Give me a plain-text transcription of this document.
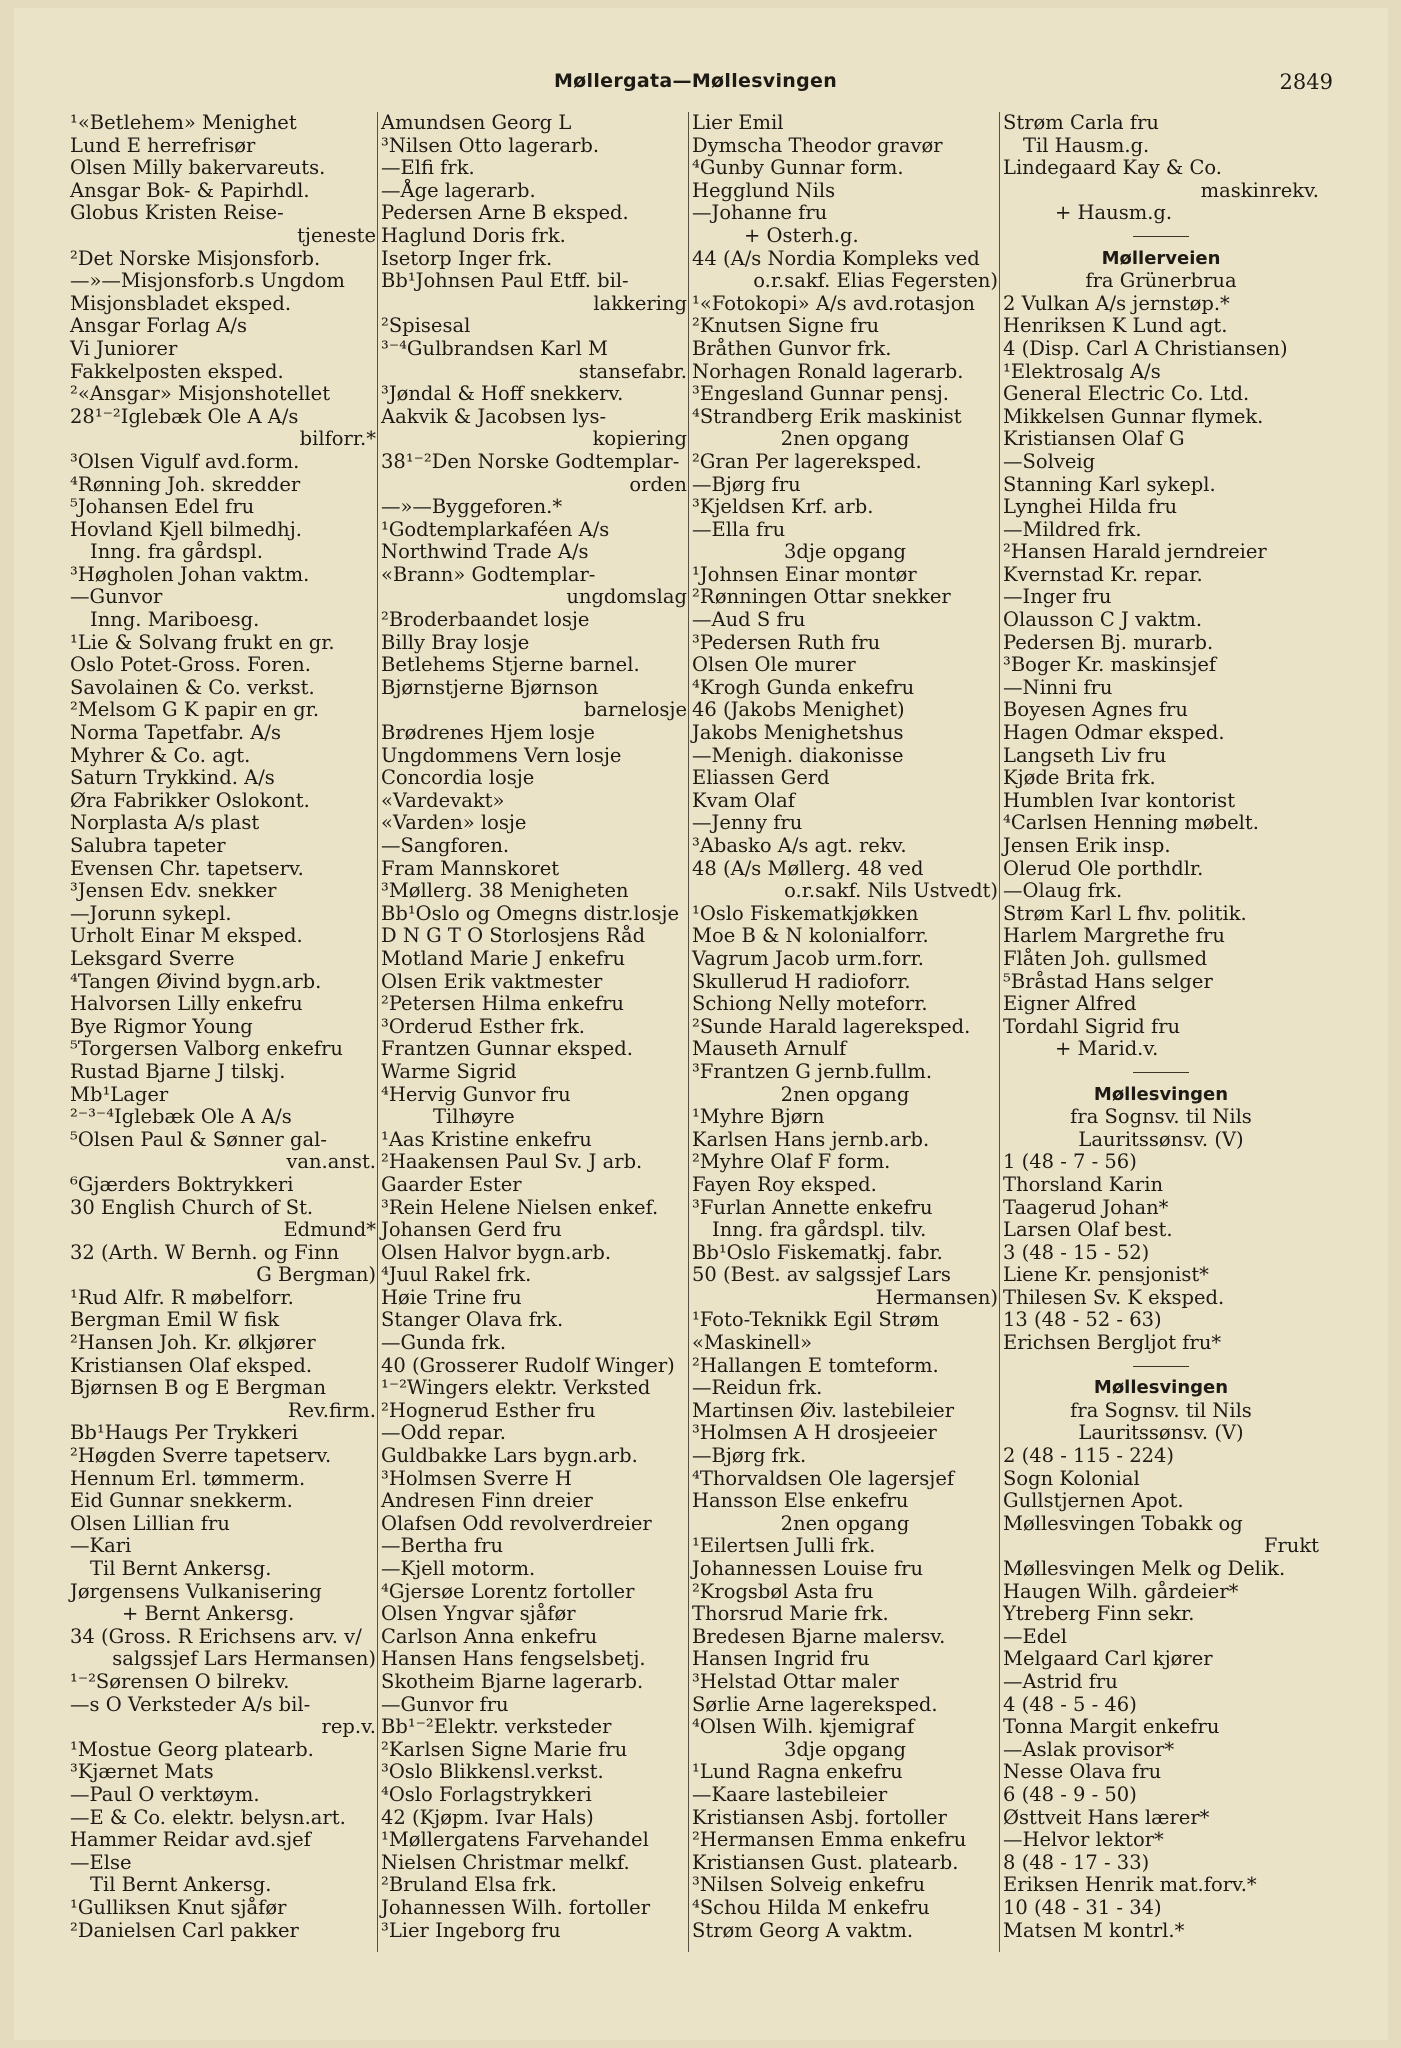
Møllergata—Møllesvingen	2849
¹«Betlehem» Menighet
Lund E herrefrisør
Olsen Milly bakervareuts.
Ansgar Bok- & Papirhdl.
Globus Kristen Reise-
tjeneste
²Det Norske Misjonsforb.
—»—Misjonsforb.s Ungdom
Misjonsbladet eksped.
Ansgar Forlag A/s
Vi Juniorer
Fakkelposten eksped.
²«Ansgar» Misjonshotellet
28¹⁻²Iglebæk Ole A A/s
bilforr.*
³Olsen Vigulf avd.form.
⁴Rønning Joh. skredder
⁵Johansen Edel fru
Hovland Kjell bilmedhj.
Inng. fra gårdspl.
³Høgholen Johan vaktm.
—Gunvor
Inng. Mariboesg.
¹Lie & Solvang frukt en gr.
Oslo Potet-Gross. Foren.
Savolainen & Co. verkst.
²Melsom G K papir en gr.
Norma Tapetfabr. A/s
Myhrer & Co. agt.
Saturn Trykkind. A/s
Øra Fabrikker Oslokont.
Norplasta A/s plast
Salubra tapeter
Evensen Chr. tapetserv.
³Jensen Edv. snekker
—Jorunn sykepl.
Urholt Einar M eksped.
Leksgard Sverre
⁴Tangen Øivind bygn.arb.
Halvorsen Lilly enkefru
Bye Rigmor Young
⁵Torgersen Valborg enkefru
Rustad Bjarne J tilskj.
Mb¹Lager
²⁻³⁻⁴Iglebæk Ole A A/s
⁵Olsen Paul & Sønner gal-
van.anst.
⁶Gjærders Boktrykkeri
30 English Church of St.
Edmund*
32 (Arth. W Bernh. og Finn
G Bergman)
¹Rud Alfr. R møbelforr.
Bergman Emil W fisk
²Hansen Joh. Kr. ølkjører
Kristiansen Olaf eksped.
Bjørnsen B og E Bergman
Rev.firm.
Bb¹Haugs Per Trykkeri
²Høgden Sverre tapetserv.
Hennum Erl. tømmerm.
Eid Gunnar snekkerm.
Olsen Lillian fru
—Kari
Til Bernt Ankersg.
Jørgensens Vulkanisering
+ Bernt Ankersg.
34 (Gross. R Erichsens arv. v/
salgssjef Lars Hermansen)
¹⁻²Sørensen O bilrekv.
—s O Verksteder A/s bil-
rep.v.
¹Mostue Georg platearb.
³Kjærnet Mats
—Paul O verktøym.
—E & Co. elektr. belysn.art.
Hammer Reidar avd.sjef
—Else
Til Bernt Ankersg.
¹Gulliksen Knut sjåfør
²Danielsen Carl pakker
Amundsen Georg L
³Nilsen Otto lagerarb.
—Elfi frk.
—Åge lagerarb.
Pedersen Arne B eksped.
Haglund Doris frk.
Isetorp Inger frk.
Bb¹Johnsen Paul Etff. bil-
lakkering
²Spisesal
³⁻⁴Gulbrandsen Karl M
stansefabr.
³Jøndal & Hoff snekkerv.
Aakvik & Jacobsen lys-
kopiering
38¹⁻²Den Norske Godtemplar-
orden
—»—Byggeforen.*
¹Godtemplarkaféen A/s
Northwind Trade A/s
«Brann» Godtemplar-
ungdomslag
²Broderbaandet losje
Billy Bray losje
Betlehems Stjerne barnel.
Bjørnstjerne Bjørnson
barnelosje
Brødrenes Hjem losje
Ungdommens Vern losje
Concordia losje
«Vardevakt»
«Varden» losje
—Sangforen.
Fram Mannskoret
³Møllerg. 38 Menigheten
Bb¹Oslo og Omegns distr.losje
D N G T O Storlosjens Råd
Motland Marie J enkefru
Olsen Erik vaktmester
²Petersen Hilma enkefru
³Orderud Esther frk.
Frantzen Gunnar eksped.
Warme Sigrid
⁴Hervig Gunvor fru
Tilhøyre
¹Aas Kristine enkefru
²Haakensen Paul Sv. J arb.
Gaarder Ester
³Rein Helene Nielsen enkef.
Johansen Gerd fru
Olsen Halvor bygn.arb.
⁴Juul Rakel frk.
Høie Trine fru
Stanger Olava frk.
—Gunda frk.
40 (Grosserer Rudolf Winger)
¹⁻²Wingers elektr. Verksted
²Hognerud Esther fru
—Odd repar.
Guldbakke Lars bygn.arb.
³Holmsen Sverre H
Andresen Finn dreier
Olafsen Odd revolverdreier
—Bertha fru
—Kjell motorm.
⁴Gjersøe Lorentz fortoller
Olsen Yngvar sjåfør
Carlson Anna enkefru
Hansen Hans fengselsbetj.
Skotheim Bjarne lagerarb.
—Gunvor fru
Bb¹⁻²Elektr. verksteder
²Karlsen Signe Marie fru
³Oslo Blikkensl.verkst.
⁴Oslo Forlagstrykkeri
42 (Kjøpm. Ivar Hals)
¹Møllergatens Farvehandel
Nielsen Christmar melkf.
²Bruland Elsa frk.
Johannessen Wilh. fortoller
³Lier Ingeborg fru
Lier Emil
Dymscha Theodor gravør
⁴Gunby Gunnar form.
Hegglund Nils
—Johanne fru
+ Osterh.g.
44 (A/s Nordia Kompleks ved
o.r.sakf. Elias Fegersten)
¹«Fotokopi» A/s avd.rotasjon
²Knutsen Signe fru
Bråthen Gunvor frk.
Norhagen Ronald lagerarb.
³Engesland Gunnar pensj.
⁴Strandberg Erik maskinist
2nen opgang
²Gran Per lagereksped.
—Bjørg fru
³Kjeldsen Krf. arb.
—Ella fru
3dje opgang
¹Johnsen Einar montør
²Rønningen Ottar snekker
—Aud S fru
³Pedersen Ruth fru
Olsen Ole murer
⁴Krogh Gunda enkefru
46 (Jakobs Menighet)
Jakobs Menighetshus
—Menigh. diakonisse
Eliassen Gerd
Kvam Olaf
—Jenny fru
³Abasko A/s agt. rekv.
48 (A/s Møllerg. 48 ved
o.r.sakf. Nils Ustvedt)
¹Oslo Fiskematkjøkken
Moe B & N kolonialforr.
Vagrum Jacob urm.forr.
Skullerud H radioforr.
Schiong Nelly moteforr.
²Sunde Harald lagereksped.
Mauseth Arnulf
³Frantzen G jernb.fullm.
2nen opgang
¹Myhre Bjørn
Karlsen Hans jernb.arb.
²Myhre Olaf F form.
Fayen Roy eksped.
³Furlan Annette enkefru
Inng. fra gårdspl. tilv.
Bb¹Oslo Fiskematkj. fabr.
50 (Best. av salgssjef Lars
Hermansen)
¹Foto-Teknikk Egil Strøm
«Maskinell»
²Hallangen E tomteform.
—Reidun frk.
Martinsen Øiv. lastebileier
³Holmsen A H drosjeeier
—Bjørg frk.
⁴Thorvaldsen Ole lagersjef
Hansson Else enkefru
2nen opgang
¹Eilertsen Julli frk.
Johannessen Louise fru
²Krogsbøl Asta fru
Thorsrud Marie frk.
Bredesen Bjarne malersv.
Hansen Ingrid fru
³Helstad Ottar maler
Sørlie Arne lagereksped.
⁴Olsen Wilh. kjemigraf
3dje opgang
¹Lund Ragna enkefru
—Kaare lastebileier
Kristiansen Asbj. fortoller
²Hermansen Emma enkefru
Kristiansen Gust. platearb.
³Nilsen Solveig enkefru
⁴Schou Hilda M enkefru
Strøm Georg A vaktm.
Strøm Carla fru
Til Hausm.g.
Lindegaard Kay & Co.
maskinrekv.
+ Hausm.g.
Møllerveien
fra Grünerbrua
2 Vulkan A/s jernstøp.*
Henriksen K Lund agt.
4 (Disp. Carl A Christiansen)
¹Elektrosalg A/s
General Electric Co. Ltd.
Mikkelsen Gunnar flymek.
Kristiansen Olaf G
—Solveig
Stanning Karl sykepl.
Lynghei Hilda fru
—Mildred frk.
²Hansen Harald jerndreier
Kvernstad Kr. repar.
—Inger fru
Olausson C J vaktm.
Pedersen Bj. murarb.
³Boger Kr. maskinsjef
—Ninni fru
Boyesen Agnes fru
Hagen Odmar eksped.
Langseth Liv fru
Kjøde Brita frk.
Humblen Ivar kontorist
⁴Carlsen Henning møbelt.
Jensen Erik insp.
Olerud Ole porthdlr.
—Olaug frk.
Strøm Karl L fhv. politik.
Harlem Margrethe fru
Flåten Joh. gullsmed
⁵Bråstad Hans selger
Eigner Alfred
Tordahl Sigrid fru
+ Marid.v.
Møllesvingen
fra Sognsv. til Nils
Lauritssønsv. (V)
1 (48 - 7 - 56)
Thorsland Karin
Taagerud Johan*
Larsen Olaf best.
3 (48 - 15 - 52)
Liene Kr. pensjonist*
Thilesen Sv. K eksped.
13 (48 - 52 - 63)
Erichsen Bergljot fru*
Møllesvingen
fra Sognsv. til Nils
Lauritssønsv. (V)
2 (48 - 115 - 224)
Sogn Kolonial
Gullstjernen Apot.
Møllesvingen Tobakk og
Frukt
Møllesvingen Melk og Delik.
Haugen Wilh. gårdeier*
Ytreberg Finn sekr.
—Edel
Melgaard Carl kjører
—Astrid fru
4 (48 - 5 - 46)
Tonna Margit enkefru
—Aslak provisor*
Nesse Olava fru
6 (48 - 9 - 50)
Østtveit Hans lærer*
—Helvor lektor*
8 (48 - 17 - 33)
Eriksen Henrik mat.forv.*
10 (48 - 31 - 34)
Matsen M kontrl.*
